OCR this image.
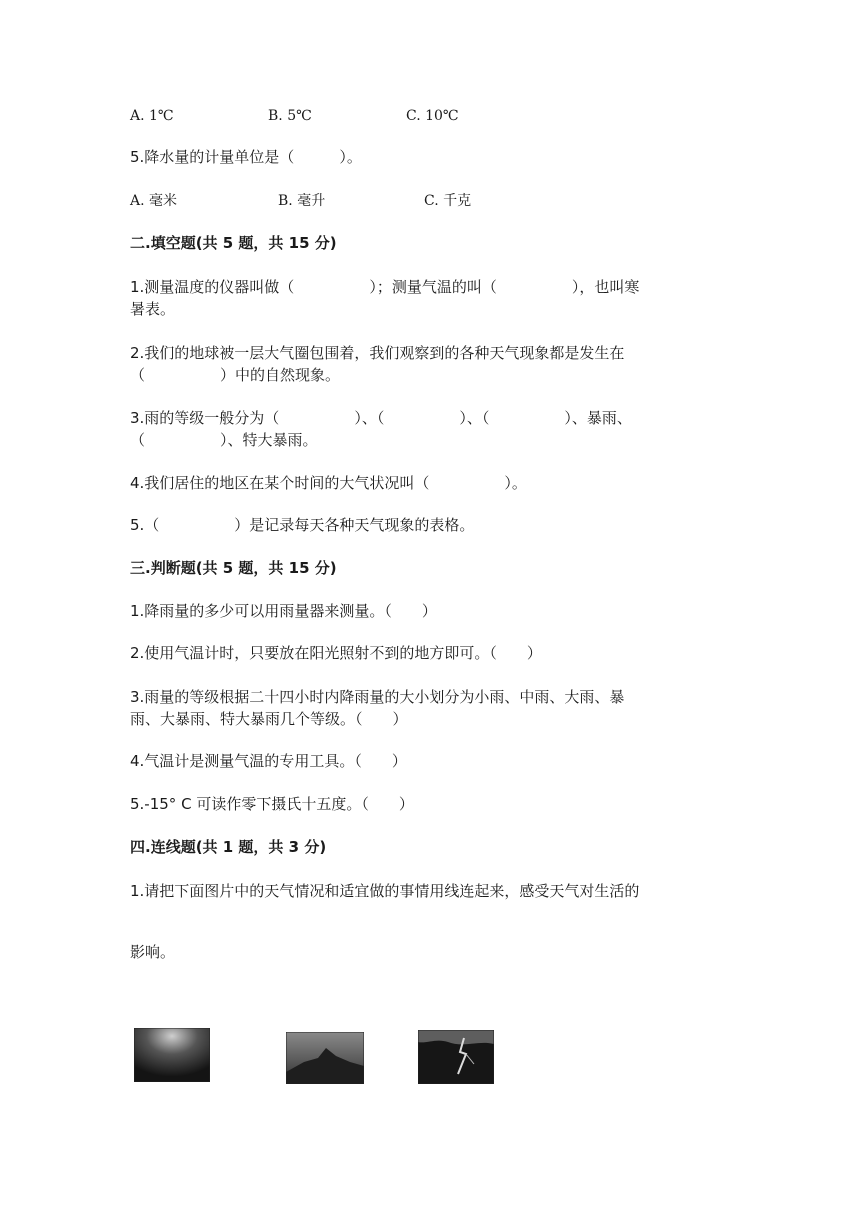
A. 1℃	B. 5℃	C. 10℃
5.降水量的计量单位是（　　　）。
A. 毫米	B. 毫升	C. 千克
二.填空题(共 5 题，共 15 分)
1.测量温度的仪器叫做（　　　　　）；测量气温的叫（　　　　　），也叫寒
暑表。
2.我们的地球被一层大气圈包围着，我们观察到的各种天气现象都是发生在
（　　　　　）中的自然现象。
3.雨的等级一般分为（　　　　　）、（　　　　　）、（　　　　　）、暴雨、
（　　　　　）、特大暴雨。
4.我们居住的地区在某个时间的大气状况叫（　　　　　）。
5.（　　　　　）是记录每天各种天气现象的表格。
三.判断题(共 5 题，共 15 分)
1.降雨量的多少可以用雨量器来测量。（　　）
2.使用气温计时，只要放在阳光照射不到的地方即可。（　　）
3.雨量的等级根据二十四小时内降雨量的大小划分为小雨、中雨、大雨、暴
雨、大暴雨、特大暴雨几个等级。（　　）
4.气温计是测量气温的专用工具。（　　）
5.-15° C 可读作零下摄氏十五度。（　　）
四.连线题(共 1 题，共 3 分)
1.请把下面图片中的天气情况和适宜做的事情用线连起来，感受天气对生活的
影响。
